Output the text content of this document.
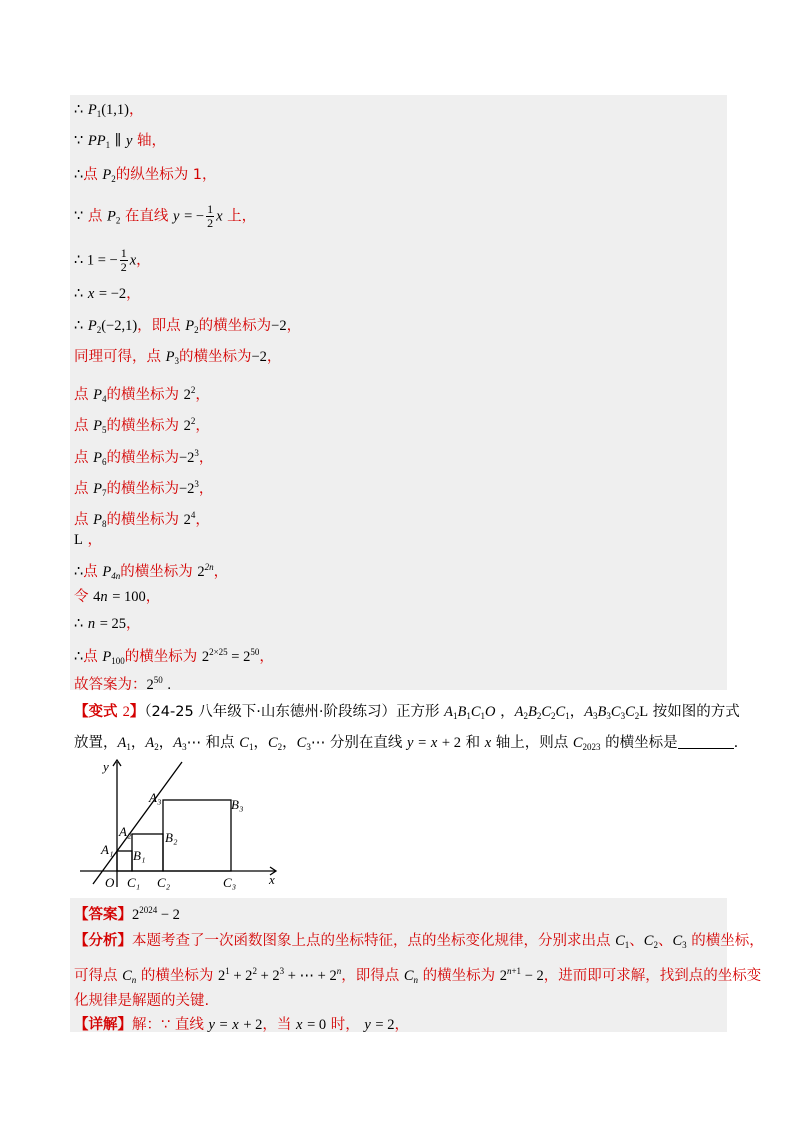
∴ $P_1(1,1)$，
∵ $PP_1$ ∥ y 轴，
∴点 $P_2$的纵坐标为 1，
∵ 点 $P_2$ 在直线 y = − $\frac{1}{2}$ x 上，
∴ 1 = − $\frac{1}{2}$ x，
∴ x = −2，
∴ $P_2(-2,1)$，即点 $P_2$的横坐标为−2，
同理可得，点 $P_3$的横坐标为−2，
点 $P_4$的横坐标为 $2^2$，
点 $P_5$的横坐标为 $2^2$，
点 $P_6$的横坐标为$-2^3$，
点 $P_7$的横坐标为$-2^3$，
点 $P_8$的横坐标为 $2^4$，
L ，
∴点 $P_{4n}$的横坐标为 $2^{2n}$，
令 4n = 100，
∴ n = 25，
∴点 $P_{100}$的横坐标为 $2^{2\times 25} = 2^{50}$，
故答案为：$2^{50}$ .
【变式 2】（24-25 八年级下·山东德州·阶段练习）正方形 $A_1B_1C_1O$ ，$A_2B_2C_2C_1$，$A_3B_3C_3C_2L$ 按如图的方式
放置，$A_1$，$A_2$，$A_3\cdots$ 和点 $C_1$，$C_2$，$C_3\cdots$ 分别在直线 y = x + 2 和 x 轴上，则点 $C_{2023}$ 的横坐标是	.
y
x
O
A₁
A₂
A₃
B₁
B₂
B₃
C₁ C₂	C₃
【答案】$2^{2024} - 2$
【分析】本题考查了一次函数图象上点的坐标特征，点的坐标变化规律，分别求出点 $C_1$、$C_2$、$C_3$ 的横坐标，
可得点 $C_n$ 的横坐标为 $2^1 + 2^2 + 2^3$ + ⋯ + $2^n$，即得点 $C_n$ 的横坐标为 $2^{n+1} - 2$，进而即可求解，找到点的坐标变
化规律是解题的关键.
【详解】解：∵ 直线 y = x + 2，当 x = 0 时， y = 2，
